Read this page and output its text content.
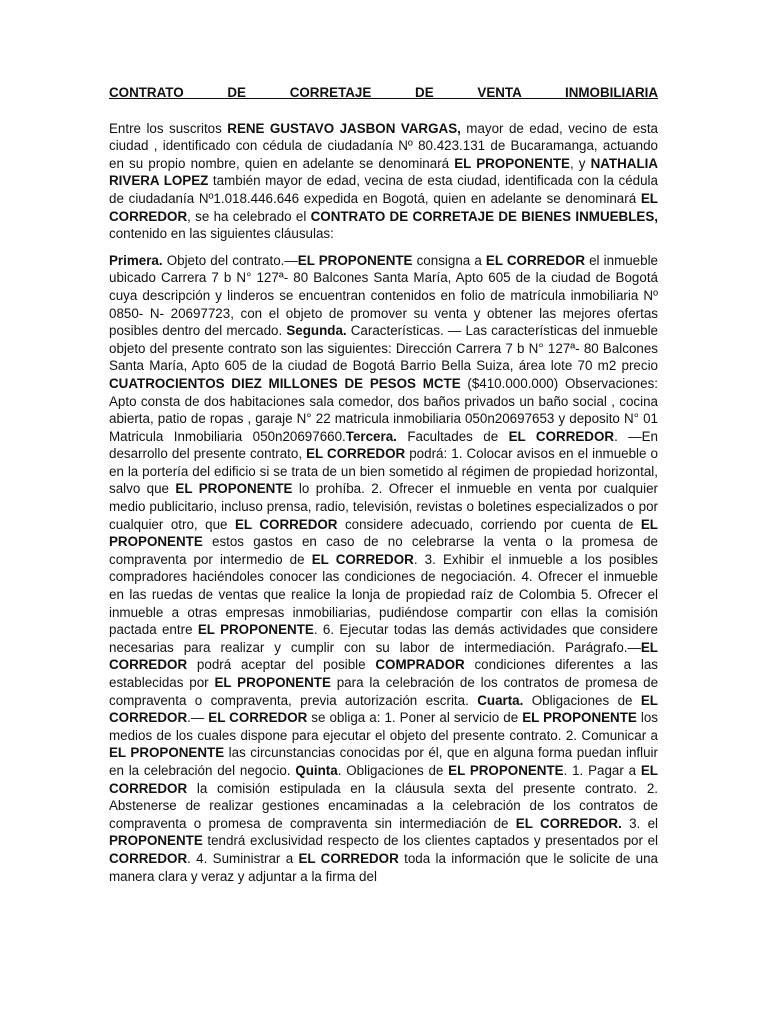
CONTRATO DE CORRETAJE DE VENTA INMOBILIARIA

Entre los suscritos RENE GUSTAVO JASBON VARGAS, mayor de edad, vecino de esta ciudad , identificado con cédula de ciudadanía Nº 80.423.131 de Bucaramanga, actuando en su propio nombre, quien en adelante se denominará EL PROPONENTE, y NATHALIA RIVERA LOPEZ también mayor de edad, vecina de esta ciudad, identificada con la cédula de ciudadanía Nº1.018.446.646 expedida en Bogotá, quien en adelante se denominará EL CORREDOR, se ha celebrado el CONTRATO DE CORRETAJE DE BIENES INMUEBLES, contenido en las siguientes cláusulas:

Primera. Objeto del contrato.—EL PROPONENTE consigna a EL CORREDOR el inmueble ubicado Carrera 7 b N° 127ª- 80 Balcones Santa María, Apto 605 de la ciudad de Bogotá cuya descripción y linderos se encuentran contenidos en folio de matrícula inmobiliaria Nº 0850- N- 20697723, con el objeto de promover su venta y obtener las mejores ofertas posibles dentro del mercado. Segunda. Características. — Las características del inmueble objeto del presente contrato son las siguientes: Dirección Carrera 7 b N° 127ª- 80 Balcones Santa María, Apto 605 de la ciudad de Bogotá Barrio Bella Suiza, área lote 70 m2 precio CUATROCIENTOS DIEZ MILLONES DE PESOS MCTE ($410.000.000) Observaciones: Apto consta de dos habitaciones sala comedor, dos baños privados un baño social , cocina abierta, patio de ropas , garaje N° 22 matricula inmobiliaria 050n20697653 y deposito N° 01 Matricula Inmobiliaria 050n20697660.Tercera. Facultades de EL CORREDOR. —En desarrollo del presente contrato, EL CORREDOR podrá: 1. Colocar avisos en el inmueble o en la portería del edificio si se trata de un bien sometido al régimen de propiedad horizontal, salvo que EL PROPONENTE lo prohíba. 2. Ofrecer el inmueble en venta por cualquier medio publicitario, incluso prensa, radio, televisión, revistas o boletines especializados o por cualquier otro, que EL CORREDOR considere adecuado, corriendo por cuenta de EL PROPONENTE estos gastos en caso de no celebrarse la venta o la promesa de compraventa por intermedio de EL CORREDOR. 3. Exhibir el inmueble a los posibles compradores haciéndoles conocer las condiciones de negociación. 4. Ofrecer el inmueble en las ruedas de ventas que realice la lonja de propiedad raíz de Colombia 5. Ofrecer el inmueble a otras empresas inmobiliarias, pudiéndose compartir con ellas la comisión pactada entre EL PROPONENTE. 6. Ejecutar todas las demás actividades que considere necesarias para realizar y cumplir con su labor de intermediación. Parágrafo.—EL CORREDOR podrá aceptar del posible COMPRADOR condiciones diferentes a las establecidas por EL PROPONENTE para la celebración de los contratos de promesa de compraventa o compraventa, previa autorización escrita. Cuarta. Obligaciones de EL CORREDOR.— EL CORREDOR se obliga a: 1. Poner al servicio de EL PROPONENTE los medios de los cuales dispone para ejecutar el objeto del presente contrato. 2. Comunicar a EL PROPONENTE las circunstancias conocidas por él, que en alguna forma puedan influir en la celebración del negocio. Quinta. Obligaciones de EL PROPONENTE. 1. Pagar a EL CORREDOR la comisión estipulada en la cláusula sexta del presente contrato. 2. Abstenerse de realizar gestiones encaminadas a la celebración de los contratos de compraventa o promesa de compraventa sin intermediación de EL CORREDOR. 3. el PROPONENTE tendrá exclusividad respecto de los clientes captados y presentados por el CORREDOR. 4. Suministrar a EL CORREDOR toda la información que le solicite de una manera clara y veraz y adjuntar a la firma del
